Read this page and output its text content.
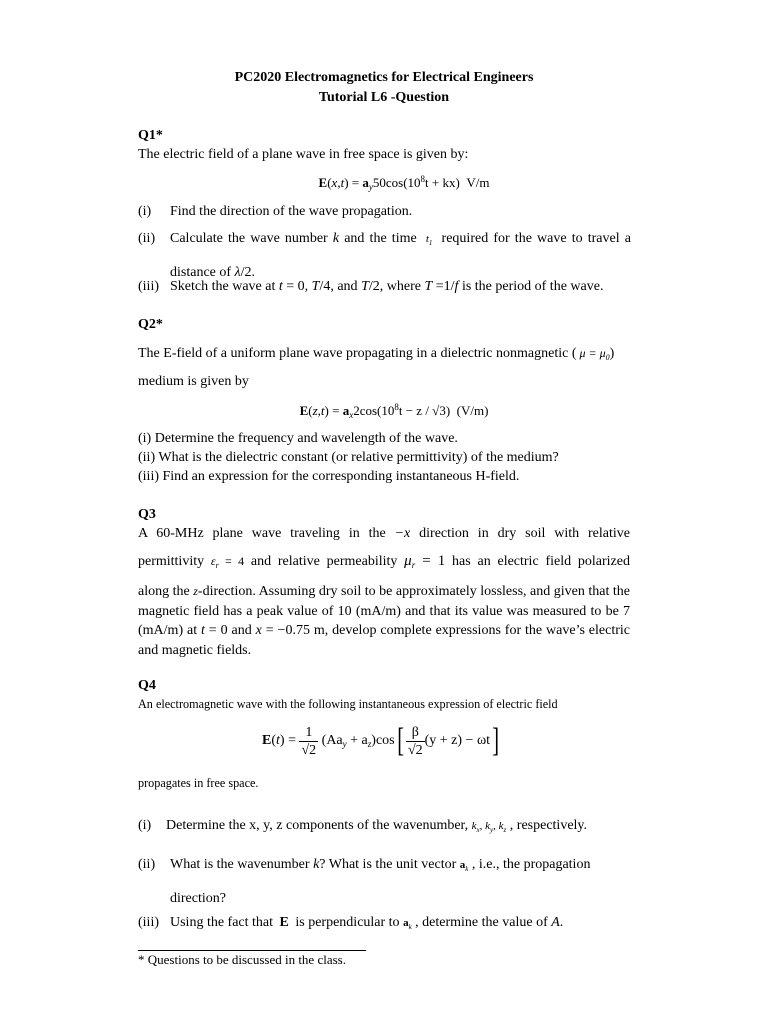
PC2020 Electromagnetics for Electrical Engineers
Tutorial L6 -Question
Q1*
The electric field of a plane wave in free space is given by:
$E(x,t) = a_y50\cos(10^8t + kx)$ V/m
(i) Find the direction of the wave propagation.
(ii) Calculate the wave number k and the time $t_1$ required for the wave to travel a distance of λ/2.
(iii) Sketch the wave at t = 0, T/4, and T/2, where T =1/f is the period of the wave.
Q2*
The E-field of a uniform plane wave propagating in a dielectric nonmagnetic ( $\mu = \mu_0$)
medium is given by
$E(z,t) = a_x2\cos(10^8t - z / √3)$ (V/m)
(i) Determine the frequency and wavelength of the wave.
(ii) What is the dielectric constant (or relative permittivity) of the medium?
(iii) Find an expression for the corresponding instantaneous H-field.
Q3
A 60-MHz plane wave traveling in the −x direction in dry soil with relative
permittivity $\varepsilon_r = 4$ and relative permeability $\mu_r = 1$ has an electric field polarized
along the z-direction. Assuming dry soil to be approximately lossless, and given that the magnetic field has a peak value of 10 (mA/m) and that its value was measured to be 7 (mA/m) at t = 0 and x = −0.75 m, develop complete expressions for the wave’s electric and magnetic fields.
Q4
An electromagnetic wave with the following instantaneous expression of electric field
$E(t) = \frac{1}{√2} (Aa_y + a_z)\cos[ \frac{\beta}{√2} (y + z) - \omega t]$
propagates in free space.
(i) Determine the x, y, z components of the wavenumber, $k_x$, $k_y$, $k_z$ , respectively.
(ii) What is the wavenumber k? What is the unit vector $a_k$ , i.e., the propagation direction?
(iii) Using the fact that E is perpendicular to $a_k$ , determine the value of A.
* Questions to be discussed in the class.
